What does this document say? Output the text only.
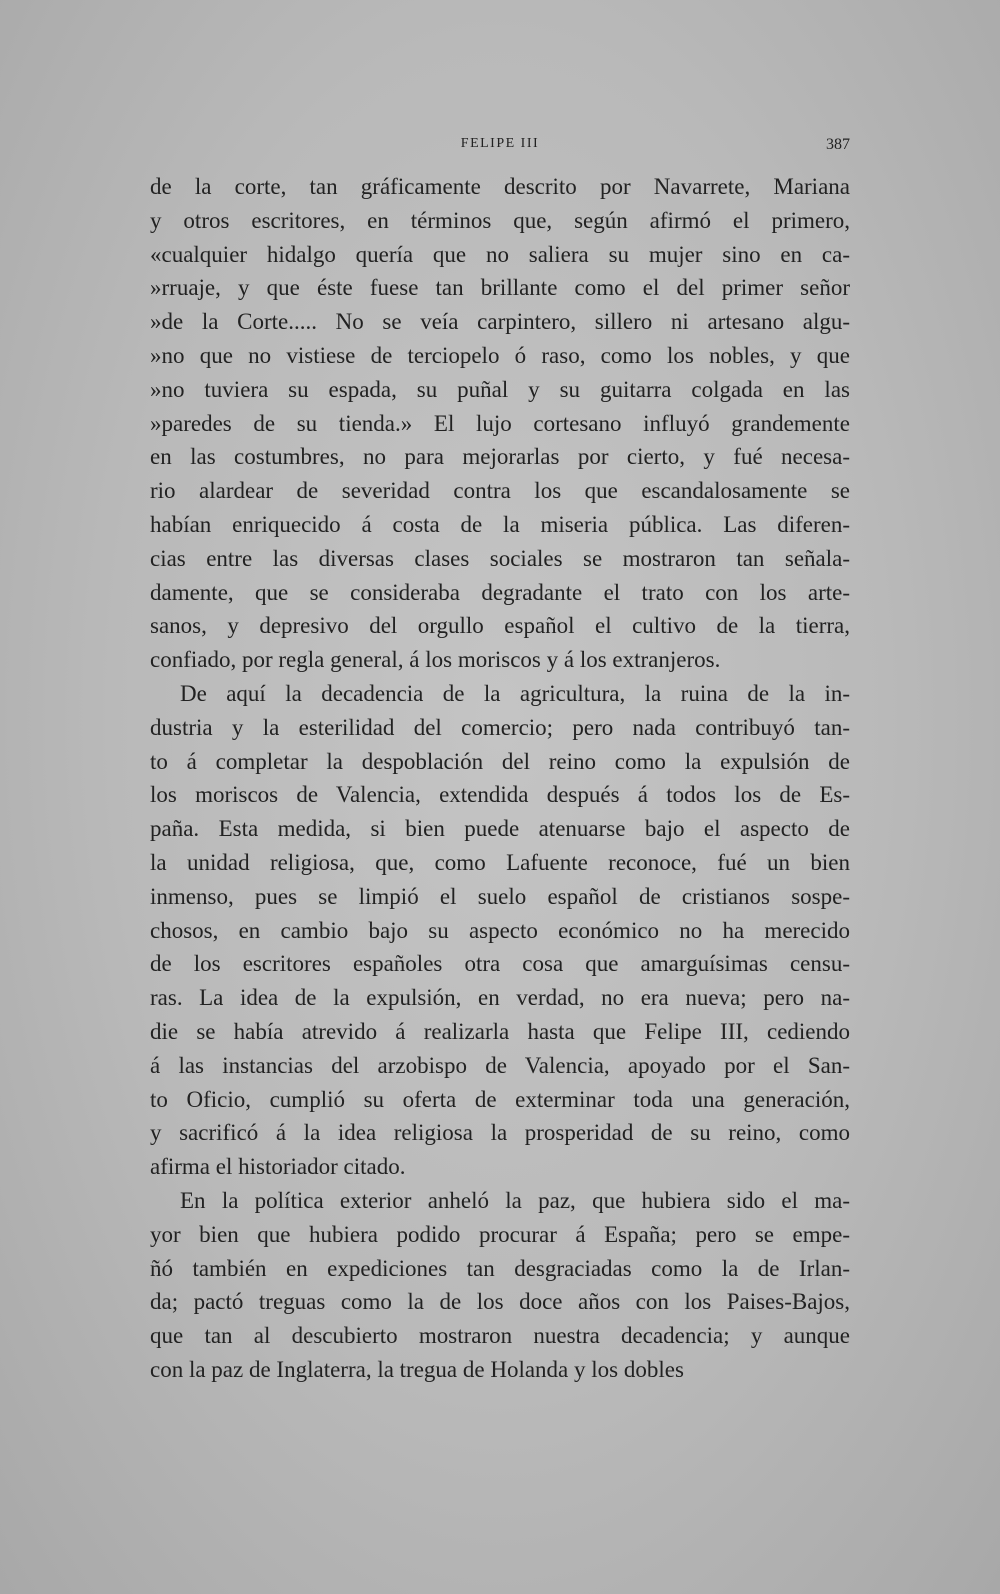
FELIPE III	387
de la corte, tan gráficamente descrito por Navarrete, Mariana
y otros escritores, en términos que, según afirmó el primero,
«cualquier hidalgo quería que no saliera su mujer sino en ca-
»rruaje, y que éste fuese tan brillante como el del primer señor
»de la Corte..... No se veía carpintero, sillero ni artesano algu-
»no que no vistiese de terciopelo ó raso, como los nobles, y que
»no tuviera su espada, su puñal y su guitarra colgada en las
»paredes de su tienda.» El lujo cortesano influyó grandemente
en las costumbres, no para mejorarlas por cierto, y fué necesa-
rio alardear de severidad contra los que escandalosamente se
habían enriquecido á costa de la miseria pública. Las diferen-
cias entre las diversas clases sociales se mostraron tan señala-
damente, que se consideraba degradante el trato con los arte-
sanos, y depresivo del orgullo español el cultivo de la tierra,
confiado, por regla general, á los moriscos y á los extranjeros.
De aquí la decadencia de la agricultura, la ruina de la in-
dustria y la esterilidad del comercio; pero nada contribuyó tan-
to á completar la despoblación del reino como la expulsión de
los moriscos de Valencia, extendida después á todos los de Es-
paña. Esta medida, si bien puede atenuarse bajo el aspecto de
la unidad religiosa, que, como Lafuente reconoce, fué un bien
inmenso, pues se limpió el suelo español de cristianos sospe-
chosos, en cambio bajo su aspecto económico no ha merecido
de los escritores españoles otra cosa que amarguísimas censu-
ras. La idea de la expulsión, en verdad, no era nueva; pero na-
die se había atrevido á realizarla hasta que Felipe III, cediendo
á las instancias del arzobispo de Valencia, apoyado por el San-
to Oficio, cumplió su oferta de exterminar toda una generación,
y sacrificó á la idea religiosa la prosperidad de su reino, como
afirma el historiador citado.
En la política exterior anheló la paz, que hubiera sido el ma-
yor bien que hubiera podido procurar á España; pero se empe-
ñó también en expediciones tan desgraciadas como la de Irlan-
da; pactó treguas como la de los doce años con los Paises-Bajos,
que tan al descubierto mostraron nuestra decadencia; y aunque
con la paz de Inglaterra, la tregua de Holanda y los dobles
